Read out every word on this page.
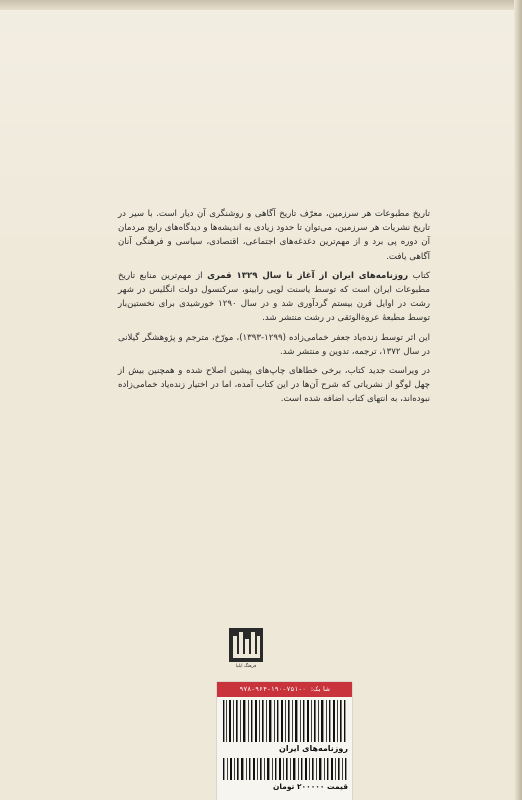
تاریخ مطبوعات هر سرزمین، معرّف تاریخ آگاهی و روشنگری آن دیار است. با سیر در تاریخ نشریات هر سرزمین، می‌توان تا حدود زیادی به اندیشه‌ها و دیدگاه‌های رایج مردمان آن دوره پی برد و از مهم‌ترین دغدغه‌های اجتماعی، اقتصادی، سیاسی و فرهنگی آنان آگاهی یافت.

کتاب روزنامه‌های ایران از آغاز تا سال ۱۳۲۹ قمری از مهم‌ترین منابع تاریخ مطبوعات ایران است که توسط یاسنت لویی رابینو، سرکنسول دولت انگلیس در شهر رشت در اوایل قرن بیستم گردآوری شد و در سال ۱۲۹۰ خورشیدی برای نخستین‌بار توسط مطبعهٔ عروة‌الوثقی در رشت منتشر شد.

این اثر توسط زنده‌یاد جعفر خمامی‌زاده (۱۲۹۹-۱۳۹۳)، مورّخ، مترجم و پژوهشگر گیلانی در سال ۱۳۷۲، ترجمه، تدوین و منتشر شد.

در ویراست جدید کتاب، برخی خطاهای چاپ‌های پیشین اصلاح شده و همچنین بیش از چهل لوگو از نشریاتی که شرح آن‌ها در این کتاب آمده، اما در اختیار زنده‌یاد خمامی‌زاده نبوده‌اند، به انتهای کتاب اضافه شده است.

فرهنگ ایلیا
شابک: ۰-۷۵۱-۱۹۰-۹۶۴-۹۷۸
روزنامه‌های ایران
قیمت ۲۰۰۰۰۰ تومان
